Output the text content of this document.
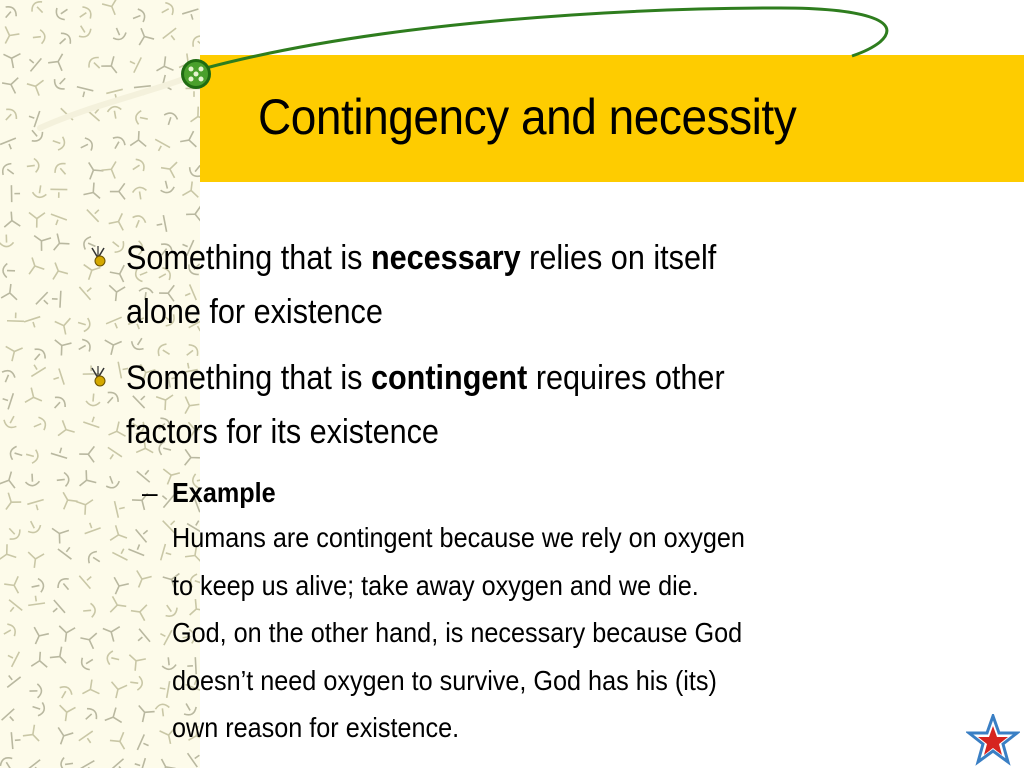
Contingency and necessity
Something that is necessary relies on itself
alone for existence
Something that is contingent requires other
factors for its existence
– Example
Humans are contingent because we rely on oxygen
to keep us alive; take away oxygen and we die.
God, on the other hand, is necessary because God
doesn’t need oxygen to survive, God has his (its)
own reason for existence.
